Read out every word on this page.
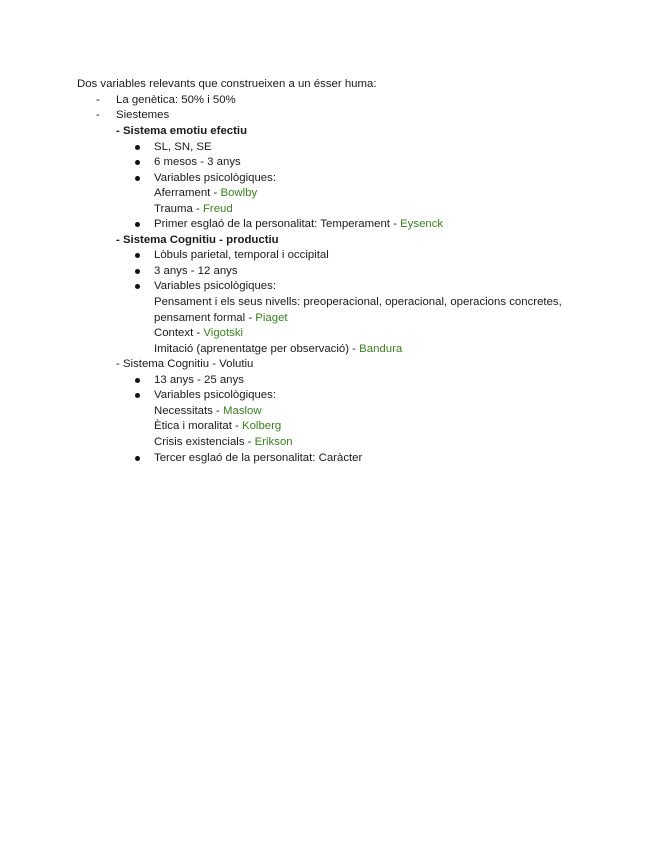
Dos variables relevants que construeixen a un ésser huma:
- La genètica: 50% i 50%
- Siestemes
- Sistema emotiu efectiu
SL, SN, SE
6 mesos - 3 anys
Variables psicològiques:
Aferrament - Bowlby
Trauma - Freud
Primer esglaó de la personalitat: Temperament - Eysenck
- Sistema Cognitiu - productiu
Lòbuls parietal, temporal i occipital
3 anys - 12 anys
Variables psicològiques:
Pensament i els seus nivells: preoperacional, operacional, operacions concretes,
pensament formal - Piaget
Context - Vigotski
Imitació (aprenentatge per observació) - Bandura
- Sistema Cognitiu - Volutiu
13 anys - 25 anys
Variables psicològiques:
Necessitats - Maslow
Ètica i moralitat - Kolberg
Crisis existencials - Erikson
Tercer esglaó de la personalitat: Caràcter
